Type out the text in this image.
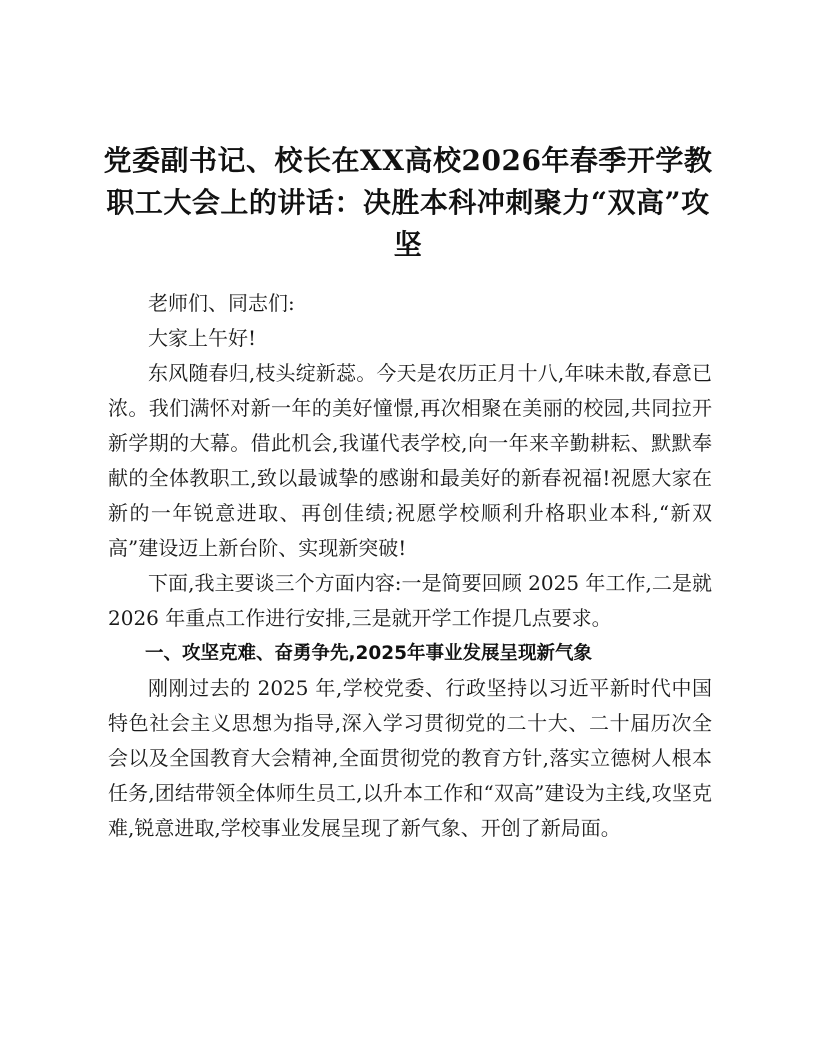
党委副书记、校长在XX高校2026年春季开学教职工大会上的讲话：决胜本科冲刺聚力“双高”攻坚

老师们、同志们:

大家上午好!

东风随春归,枝头绽新蕊。今天是农历正月十八,年味未散,春意已浓。我们满怀对新一年的美好憧憬,再次相聚在美丽的校园,共同拉开新学期的大幕。借此机会,我谨代表学校,向一年来辛勤耕耘、默默奉献的全体教职工,致以最诚挚的感谢和最美好的新春祝福!祝愿大家在新的一年锐意进取、再创佳绩;祝愿学校顺利升格职业本科,“新双高”建设迈上新台阶、实现新突破!

下面,我主要谈三个方面内容:一是简要回顾 2025 年工作,二是就 2026 年重点工作进行安排,三是就开学工作提几点要求。

一、攻坚克难、奋勇争先,2025年事业发展呈现新气象

刚刚过去的 2025 年,学校党委、行政坚持以习近平新时代中国特色社会主义思想为指导,深入学习贯彻党的二十大、二十届历次全会以及全国教育大会精神,全面贯彻党的教育方针,落实立德树人根本任务,团结带领全体师生员工,以升本工作和“双高”建设为主线,攻坚克难,锐意进取,学校事业发展呈现了新气象、开创了新局面。
